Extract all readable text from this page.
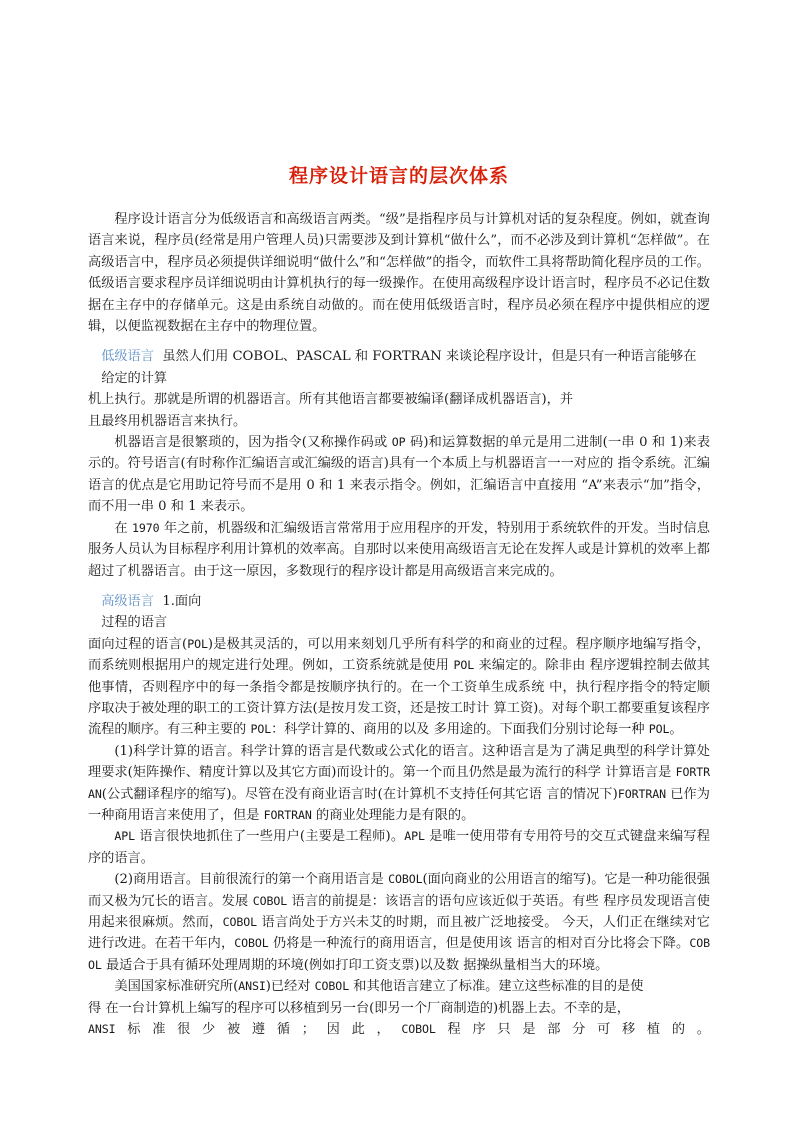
程序设计语言的层次体系

程序设计语言分为低级语言和高级语言两类。“级”是指程序员与计算机对话的复杂程度。例如，就查询语言来说，程序员(经常是用户管理人员)只需要涉及到计算机“做什么”，而不必涉及到计算机“怎样做”。在高级语言中，程序员必须提供详细说明“做什么”和“怎样做”的指令，而软件工具将帮助简化程序员的工作。低级语言要求程序员详细说明由计算机执行的每一级操作。在使用高级程序设计语言时，程序员不必记住数据在主存中的存储单元。这是由系统自动做的。而在使用低级语言时，程序员必须在程序中提供相应的逻辑，以便监视数据在主存中的物理位置。

低级语言 虽然人们用 COBOL、PASCAL 和 FORTRAN 来谈论程序设计，但是只有一种语言能够在

给定的计算

机上执行。那就是所谓的机器语言。所有其他语言都要被编译(翻译成机器语言)，并

且最终用机器语言来执行。

机器语言是很繁琐的，因为指令(又称操作码或 OP 码)和运算数据的单元是用二进制(一串 0 和 1)来表示的。符号语言(有时称作汇编语言或汇编级的语言)具有一个本质上与机器语言一一对应的 指令系统。汇编语言的优点是它用助记符号而不是用 0 和 1 来表示指令。例如，汇编语言中直接用 “A”来表示“加”指令，而不用一串 0 和 1 来表示。

在 1970 年之前，机器级和汇编级语言常常用于应用程序的开发，特别用于系统软件的开发。当时信息服务人员认为目标程序利用计算机的效率高。自那时以来使用高级语言无论在发挥人或是计算机的效率上都超过了机器语言。由于这一原因，多数现行的程序设计都是用高级语言来完成的。

高级语言 1.面向

过程的语言

面向过程的语言(POL)是极其灵活的，可以用来刻划几乎所有科学的和商业的过程。程序顺序地编写指令，而系统则根据用户的规定进行处理。例如，工资系统就是使用 POL 来编定的。除非由 程序逻辑控制去做其他事情，否则程序中的每一条指令都是按顺序执行的。在一个工资单生成系统 中，执行程序指令的特定顺序取决于被处理的职工的工资计算方法(是按月发工资，还是按工时计 算工资)。对每个职工都要重复该程序流程的顺序。有三种主要的 POL：科学计算的、商用的以及 多用途的。下面我们分别讨论每一种 POL。

(1)科学计算的语言。科学计算的语言是代数或公式化的语言。这种语言是为了满足典型的科学计算处理要求(矩阵操作、精度计算以及其它方面)而设计的。第一个而且仍然是最为流行的科学 计算语言是 FORTRAN(公式翻译程序的缩写)。尽管在没有商业语言时(在计算机不支持任何其它语 言的情况下)FORTRAN 已作为一种商用语言来使用了，但是 FORTRAN 的商业处理能力是有限的。

APL 语言很快地抓住了一些用户(主要是工程师)。APL 是唯一使用带有专用符号的交互式键盘来编写程序的语言。

(2)商用语言。目前很流行的第一个商用语言是 COBOL(面向商业的公用语言的缩写)。它是一种功能很强而又极为冗长的语言。发展 COBOL 语言的前提是：该语言的语句应该近似于英语。有些 程序员发现语言使用起来很麻烦。然而，COBOL 语言尚处于方兴未艾的时期，而且被广泛地接受。 今天，人们正在继续对它进行改进。在若干年内，COBOL 仍将是一种流行的商用语言，但是使用该 语言的相对百分比将会下降。COBOL 最适合于具有循环处理周期的环境(例如打印工资支票)以及数 据操纵量相当大的环境。

美国国家标准研究所(ANSI)已经对 COBOL 和其他语言建立了标准。建立这些标准的目的是使

得 在一台计算机上编写的程序可以移植到另一台(即另一个厂商制造的)机器上去。不幸的是，

ANSI 标 准 很 少 被 遵 循 ； 因 此 ， COBOL 程 序 只 是 部 分 可 移 植 的 。
